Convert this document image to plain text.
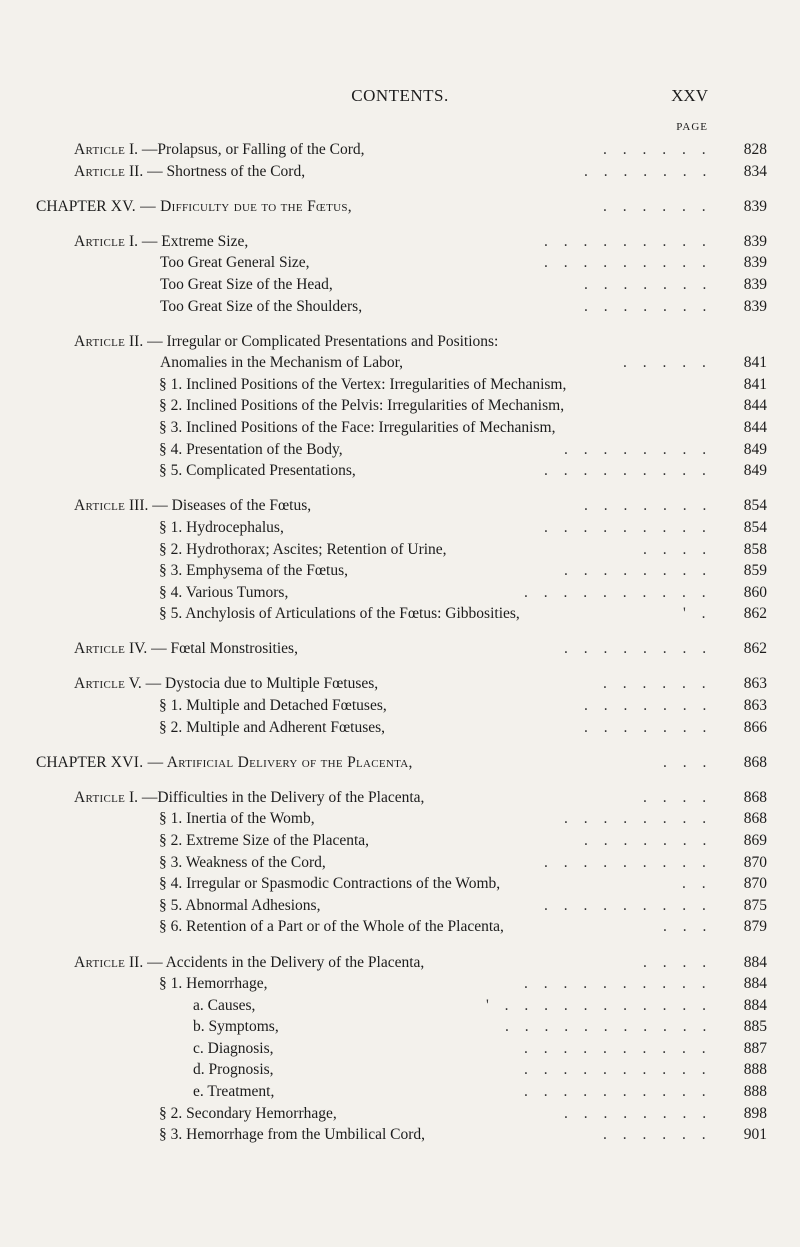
CONTENTS.	XXV
PAGE
Article I. —Prolapsus, or Falling of the Cord,	. . . . . .	828
Article II. — Shortness of the Cord,	. . . . . . .	834
CHAPTER XV. — Difficulty due to the Fœtus,	. . . . . .	839
Article I. — Extreme Size,	. . . . . . . . .	839
Too Great General Size,	. . . . . . . . .	839
Too Great Size of the Head,	. . . . . . .	839
Too Great Size of the Shoulders,	. . . . . . .	839
Article II. — Irregular or Complicated Presentations and Positions:
Anomalies in the Mechanism of Labor,	. . . . .	841
§ 1. Inclined Positions of the Vertex: Irregularities of Mechanism,	841
§ 2. Inclined Positions of the Pelvis: Irregularities of Mechanism,	844
§ 3. Inclined Positions of the Face: Irregularities of Mechanism,	844
§ 4. Presentation of the Body,	. . . . . . . .	849
§ 5. Complicated Presentations,	. . . . . . . . .	849
Article III. — Diseases of the Fœtus,	. . . . . . .	854
§ 1. Hydrocephalus,	. . . . . . . . .	854
§ 2. Hydrothorax; Ascites; Retention of Urine,	. . . .	858
§ 3. Emphysema of the Fœtus,	. . . . . . . .	859
§ 4. Various Tumors,	. . . . . . . . . .	860
§ 5. Anchylosis of Articulations of the Fœtus: Gibbosities,	' .	862
Article IV. — Fœtal Monstrosities,	. . . . . . . .	862
Article V. — Dystocia due to Multiple Fœtuses,	. . . . . .	863
§ 1. Multiple and Detached Fœtuses,	. . . . . . .	863
§ 2. Multiple and Adherent Fœtuses,	. . . . . . .	866
CHAPTER XVI. — Artificial Delivery of the Placenta,	. . .	868
Article I. —Difficulties in the Delivery of the Placenta,	. . . .	868
§ 1. Inertia of the Womb,	. . . . . . . .	868
§ 2. Extreme Size of the Placenta,	. . . . . . .	869
§ 3. Weakness of the Cord,	. . . . . . . . .	870
§ 4. Irregular or Spasmodic Contractions of the Womb,	. .	870
§ 5. Abnormal Adhesions,	. . . . . . . . .	875
§ 6. Retention of a Part or of the Whole of the Placenta,	. . .	879
Article II. — Accidents in the Delivery of the Placenta,	. . . .	884
§ 1. Hemorrhage,	. . . . . . . . . .	884
a. Causes,	' . . . . . . . . . . .	884
b. Symptoms,	. . . . . . . . . . .	885
c. Diagnosis,	. . . . . . . . . .	887
d. Prognosis,	. . . . . . . . . .	888
e. Treatment,	. . . . . . . . . .	888
§ 2. Secondary Hemorrhage,	. . . . . . . .	898
§ 3. Hemorrhage from the Umbilical Cord,	. . . . . .	901
